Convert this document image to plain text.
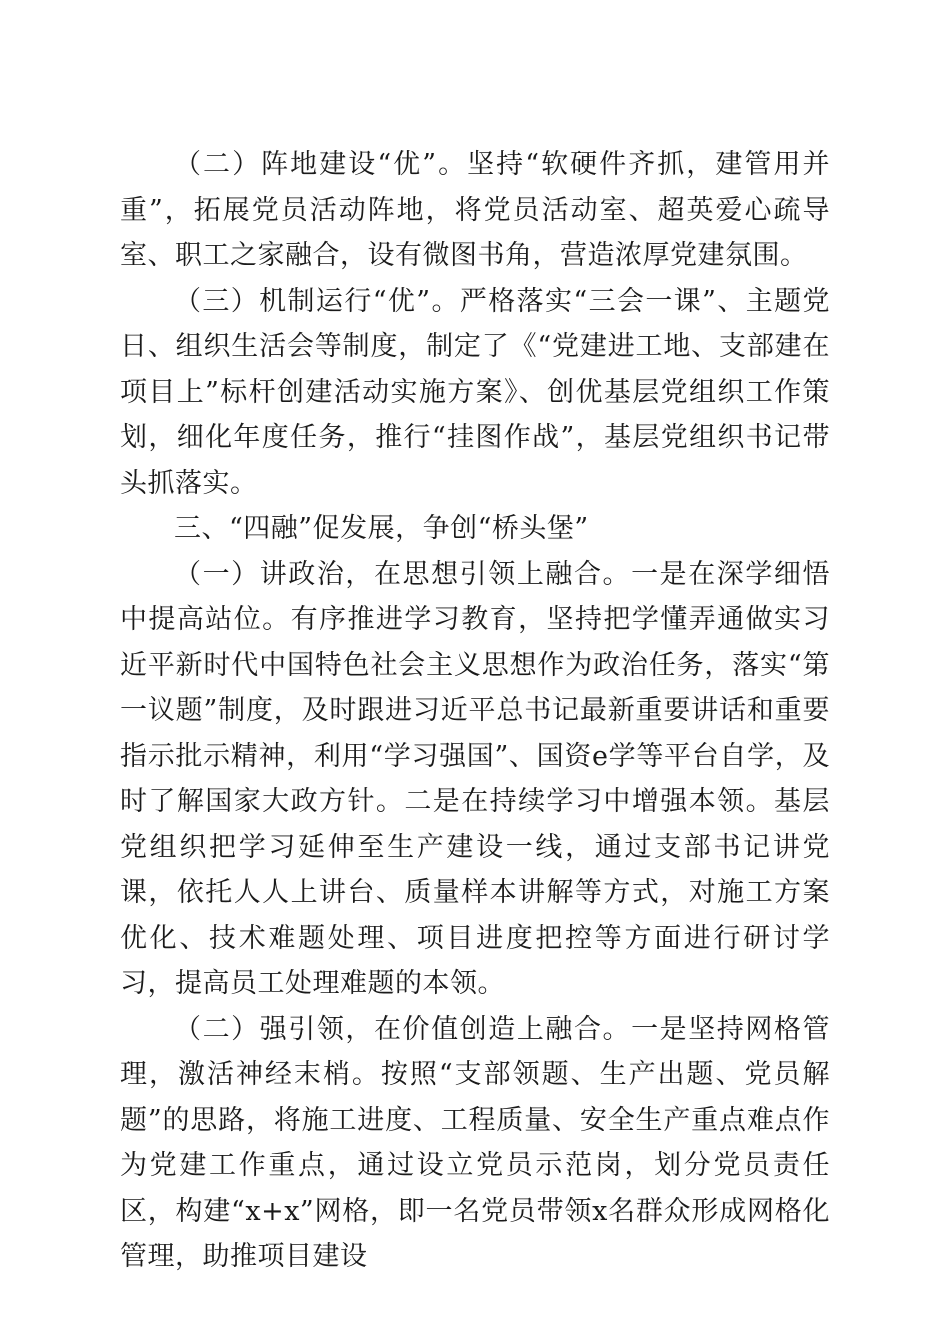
（二）阵地建设“优”。坚持“软硬件齐抓，建管用并重”，拓展党员活动阵地，将党员活动室、超英爱心疏导室、职工之家融合，设有微图书角，营造浓厚党建氛围。

（三）机制运行“优”。严格落实“三会一课”、主题党日、组织生活会等制度，制定了《“党建进工地、支部建在项目上”标杆创建活动实施方案》、创优基层党组织工作策划，细化年度任务，推行“挂图作战”，基层党组织书记带头抓落实。

三、“四融”促发展，争创“桥头堡”

（一）讲政治，在思想引领上融合。一是在深学细悟中提高站位。有序推进学习教育，坚持把学懂弄通做实习近平新时代中国特色社会主义思想作为政治任务，落实“第一议题”制度，及时跟进习近平总书记最新重要讲话和重要指示批示精神，利用“学习强国”、国资e学等平台自学，及时了解国家大政方针。二是在持续学习中增强本领。基层党组织把学习延伸至生产建设一线，通过支部书记讲党课，依托人人上讲台、质量样本讲解等方式，对施工方案优化、技术难题处理、项目进度把控等方面进行研讨学习，提高员工处理难题的本领。

（二）强引领，在价值创造上融合。一是坚持网格管理，激活神经末梢。按照“支部领题、生产出题、党员解题”的思路，将施工进度、工程质量、安全生产重点难点作为党建工作重点，通过设立党员示范岗，划分党员责任区，构建“x+x”网格，即一名党员带领x名群众形成网格化管理，助推项目建设
